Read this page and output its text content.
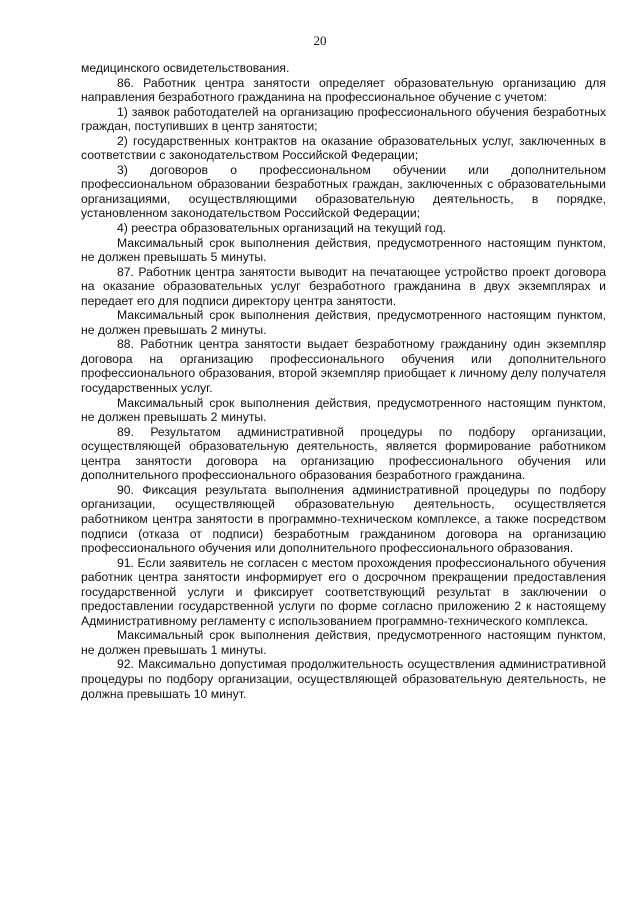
20

медицинского освидетельствования.

86. Работник центра занятости определяет образовательную организацию для направления безработного гражданина на профессиональное обучение с учетом:

1) заявок работодателей на организацию профессионального обучения безработных граждан, поступивших в центр занятости;

2) государственных контрактов на оказание образовательных услуг, заключенных в соответствии с законодательством Российской Федерации;

3) договоров о профессиональном обучении или дополнительном профессиональном образовании безработных граждан, заключенных с образовательными организациями, осуществляющими образовательную деятельность, в порядке, установленном законодательством Российской Федерации;

4) реестра образовательных организаций на текущий год.

Максимальный срок выполнения действия, предусмотренного настоящим пунктом, не должен превышать 5 минуты.

87. Работник центра занятости выводит на печатающее устройство проект договора на оказание образовательных услуг безработного гражданина в двух экземплярах и передает его для подписи директору центра занятости.

Максимальный срок выполнения действия, предусмотренного настоящим пунктом, не должен превышать 2 минуты.

88. Работник центра занятости выдает безработному гражданину один экземпляр договора на организацию профессионального обучения или дополнительного профессионального образования, второй экземпляр приобщает к личному делу получателя государственных услуг.

Максимальный срок выполнения действия, предусмотренного настоящим пунктом, не должен превышать 2 минуты.

89. Результатом административной процедуры по подбору организации, осуществляющей образовательную деятельность, является формирование работником центра занятости договора на организацию профессионального обучения или дополнительного профессионального образования безработного гражданина.

90. Фиксация результата выполнения административной процедуры по подбору организации, осуществляющей образовательную деятельность, осуществляется работником центра занятости в программно-техническом комплексе, а также посредством подписи (отказа от подписи) безработным гражданином договора на организацию профессионального обучения или дополнительного профессионального образования.

91. Если заявитель не согласен с местом прохождения профессионального обучения работник центра занятости информирует его о досрочном прекращении предоставления государственной услуги и фиксирует соответствующий результат в заключении о предоставлении государственной услуги по форме согласно приложению 2 к настоящему Административному регламенту с использованием программно-технического комплекса.

Максимальный срок выполнения действия, предусмотренного настоящим пунктом, не должен превышать 1 минуты.

92. Максимально допустимая продолжительность осуществления административной процедуры по подбору организации, осуществляющей образовательную деятельность, не должна превышать 10 минут.
